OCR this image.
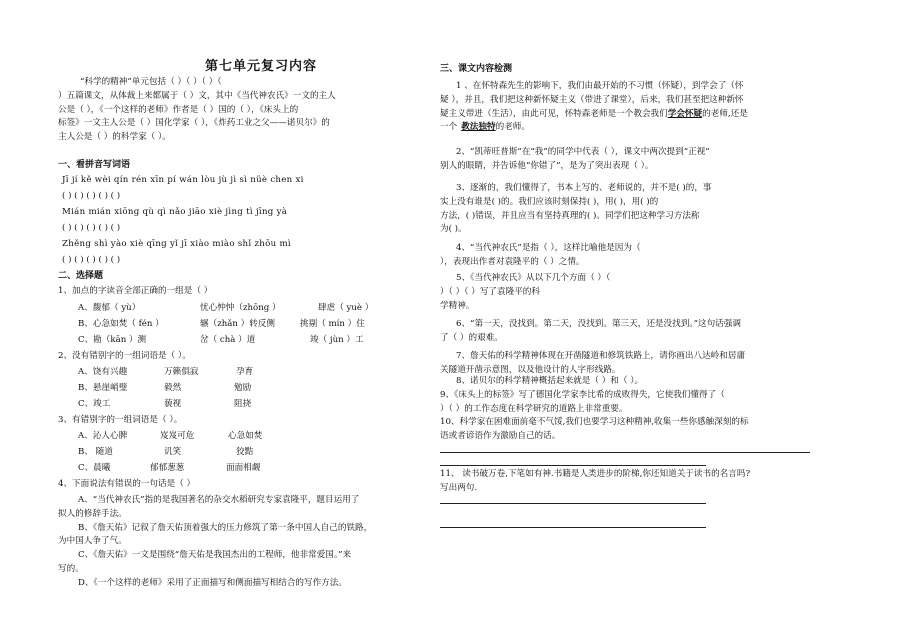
第七单元复习内容
“科学的精神”单元包括（ ）（ ）（ ）（
）五篇课文，从体裁上来都属于（ ）文，其中《当代神农氏》一文的主人
公是（ ），《一个这样的老师》作者是（ ）国的（ ），《床头上的
标签》一文主人公是（ ）国化学家（ ），《炸药工业之父——诺贝尔》的
主人公是（ ）的科学家（ ）。
一、看拼音写词语
Jī jí kě wèi qín rén xīn pí wán lòu jù jì sì nüè chen xi
( ) ( ) ( ) ( ) ( )
Mián mián xiōng qù qì nǎo jiāo xiè jìng tì jīng yà
( ) ( ) ( ) ( ) ( )
Zhěng shì yào xiè qīng yǐ jī xiào miào shǐ zhōu mì
( ) ( ) ( ) ( ) ( )
二、选择题
1、加点的字读音全部正确的一组是（ ）
A、馥郁（ yù）	忧心忡忡（zhōng ）	肆虐（ yuè ）
B、心急如焚（ fén ）	辗（zhǎn ）转反侧	挑剔（ mín ）住
C、勘（kān ）测	岔（ chà ）道	竣（ jùn ）工
2、没有错别字的一组词语是（ ）。
A、饶有兴趣	万籁俱寂	孕育
B、悬崖峭璧	毅然	勉励
C、竣工	藐视	阻挠
3、有错别字的一组词语是（ ）。
A、沁人心脾	岌岌可危	心急如焚
B、 随道	讥笑	狡黠
C、晨曦	郁郁葱葱	面面相觑
4、下面说法有错误的一句话是（ ）
A、“当代神农氏”指的是我国著名的杂交水稻研究专家袁隆平，题目运用了
拟人的修辞手法。
B、《詹天佑》记叙了詹天佑顶着强大的压力修筑了第一条中国人自己的铁路，
为中国人争了气。
C、《詹天佑》一文是围绕“詹天佑是我国杰出的工程师，他非常爱国。”来
写的。
D、《一个这样的老师》采用了正面描写和侧面描写相结合的写作方法。
三、课文内容检测
1 、在怀特森先生的影响下，我们由最开始的不习惯（怀疑），到学会了（怀
疑 ），并且，我们把这种新怀疑主义（带进了课堂），后来，我们甚至把这种新怀
疑主义带进（生活），由此可见，怀特森老师是一个教会我们学会怀疑的老师,还是
一个 教法独特的老师。
2、“凯蒂旺普斯”在“我”的同学中代表（ ），课文中两次提到“正视”
别人的眼睛，并告诉他“你错了”，是为了突出表现（ ）。
3、逐渐的，我们懂得了，书本上写的、老师说的，并不是( )的，事
实上没有谁是( )的。我们应该时刻保持( )，用( )，用( )的
方法，( )错误，并且应当有坚持真理的( )。同学们把这种学习方法称
为( )。
4、“当代神农氏”是指（ ），这样比喻他是因为（
），表现出作者对袁隆平的（ ）之情。
5、《当代神农氏》从以下几个方面（ ）（
）（ ）（ ）写了袁隆平的科
学精神。
6、“第一天，没找到。第二天，没找到。第三天，还是没找到。”这句话强调
了（ ）的艰难。
7、詹天佑的科学精神体现在开凿隧道和修筑铁路上，请你画出八达岭和居庸
关隧道开凿示意图，以及他设计的人字形线路。
8、诺贝尔的科学精神概括起来就是（ ）和（ ）。
9、《床头上的标签》写了德国化学家李比希的成败得失，它使我们懂得了（
）（ ）的工作态度在科学研究的道路上非常重要。
10、科学家在困难面前毫不气馁,我们也要学习这种精神,收集一些你感触深刻的标
语或者谚语作为激励自己的话。
11、 读书破万卷,下笔如有神.书籍是人类进步的阶梯,你还知道关于读书的名言吗?
写出两句.
